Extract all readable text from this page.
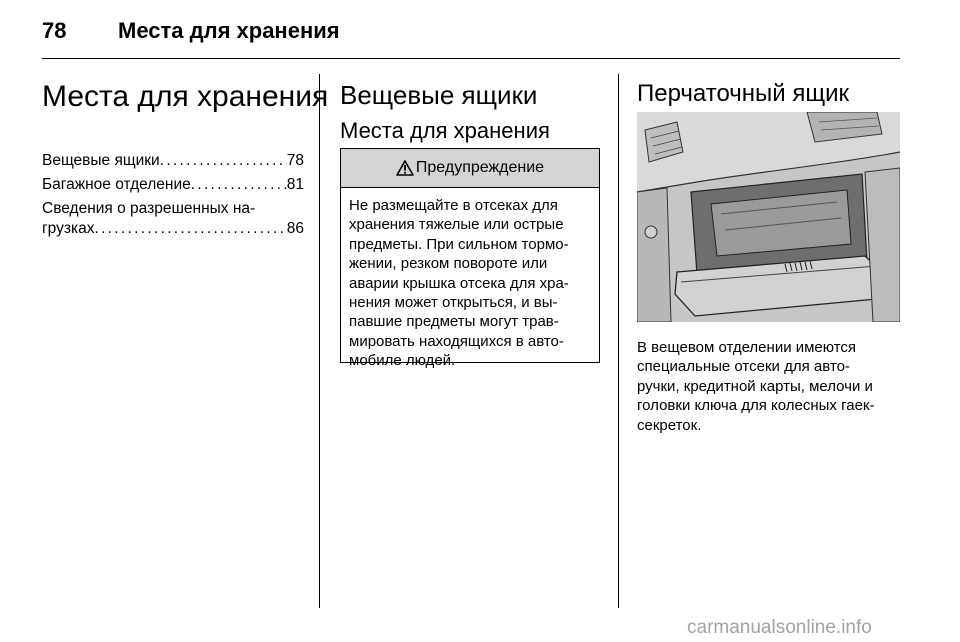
78 Места для хранения
Места для хранения
Вещевые ящики . . .	78
Багажное отделение . . .	81
Сведения о разрешенных на-
грузках . . .	86
Вещевые ящики
Места для хранения
Предупреждение
Не размещайте в отсеках для
хранения тяжелые или острые
предметы. При сильном тормо-
жении, резком повороте или
аварии крышка отсека для хра-
нения может открыться, и вы-
павшие предметы могут трав-
мировать находящихся в авто-
мобиле людей.
Перчаточный ящик
В вещевом отделении имеются
специальные отсеки для авто-
ручки, кредитной карты, мелочи и
головки ключа для колесных гаек-
секреток.
carmanualsonline.info
